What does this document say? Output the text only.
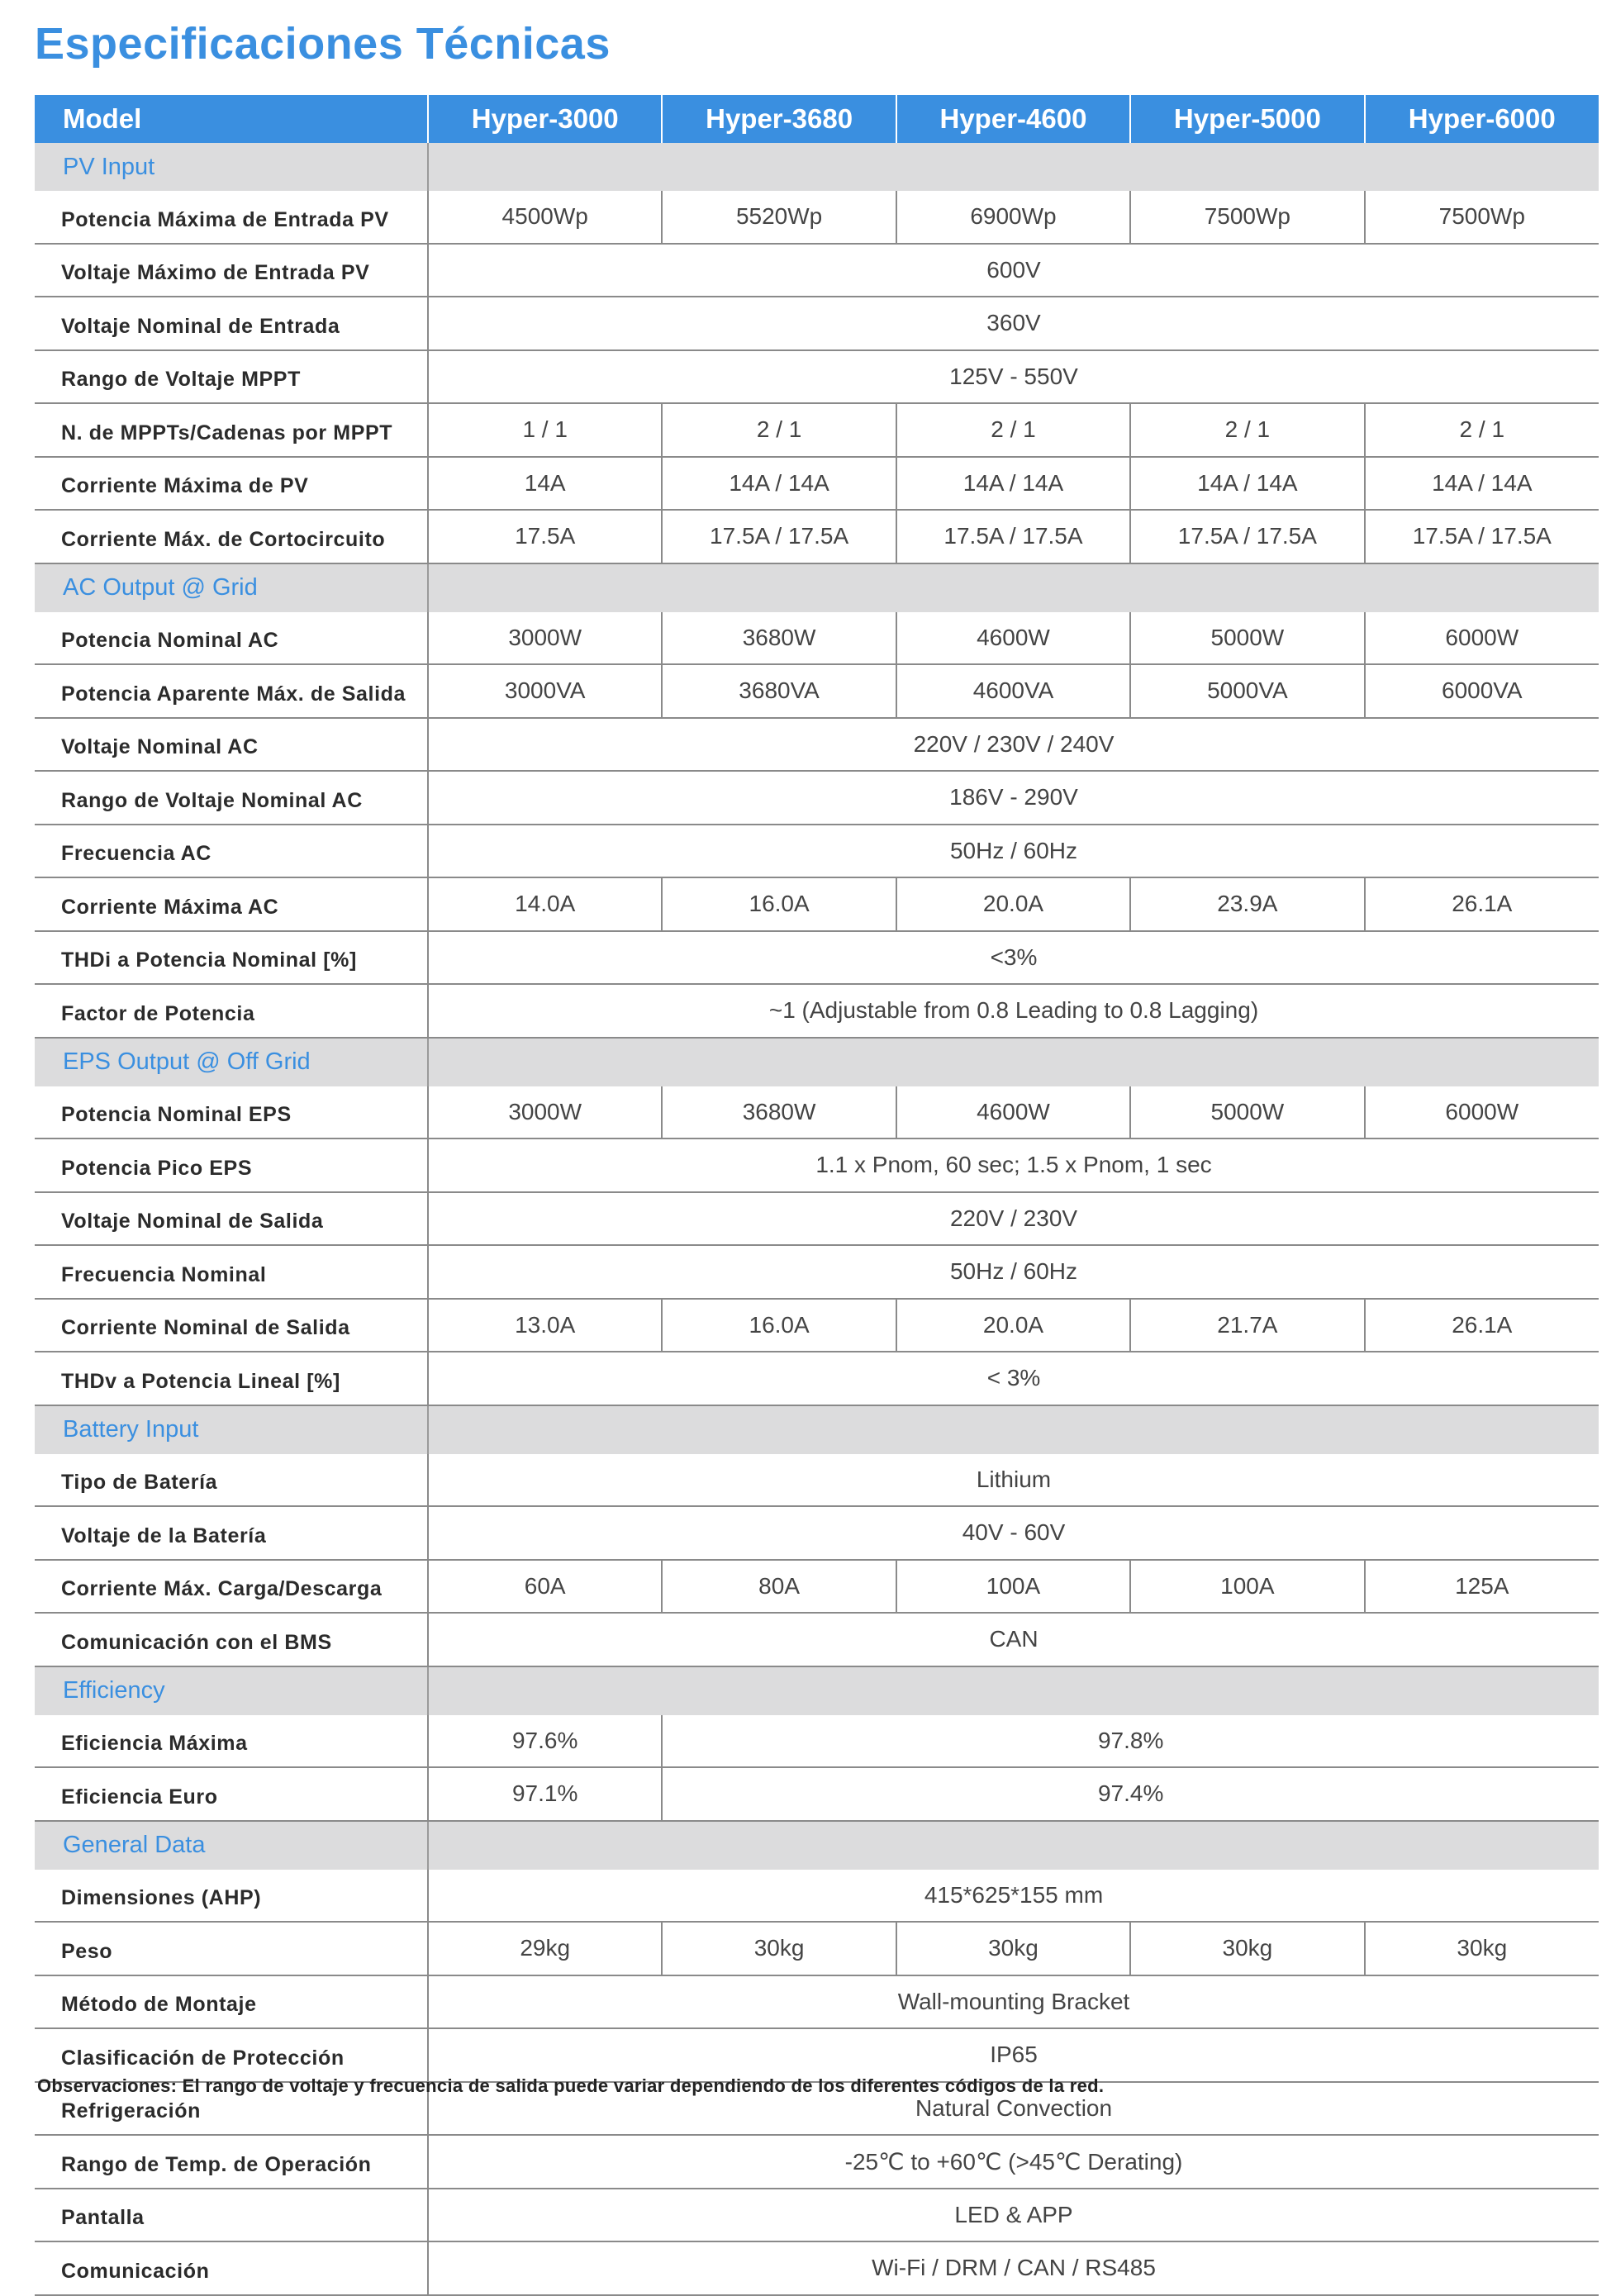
Especificaciones Técnicas
Model	Hyper-3000	Hyper-3680	Hyper-4600	Hyper-5000	Hyper-6000
PV Input					
Potencia Máxima de Entrada PV	4500Wp	5520Wp	6900Wp	7500Wp	7500Wp
Voltaje Máximo de Entrada PV	600V				
Voltaje Nominal de Entrada	360V				
Rango de Voltaje MPPT	125V - 550V				
N. de MPPTs/Cadenas por MPPT	1 / 1	2 / 1	2 / 1	2 / 1	2 / 1
Corriente Máxima de PV	14A	14A / 14A	14A / 14A	14A / 14A	14A / 14A
Corriente Máx. de Cortocircuito	17.5A	17.5A / 17.5A	17.5A / 17.5A	17.5A / 17.5A	17.5A / 17.5A
AC Output @ Grid					
Potencia Nominal AC	3000W	3680W	4600W	5000W	6000W
Potencia Aparente Máx. de Salida	3000VA	3680VA	4600VA	5000VA	6000VA
Voltaje Nominal AC	220V / 230V / 240V				
Rango de Voltaje Nominal AC	186V - 290V				
Frecuencia AC	50Hz / 60Hz				
Corriente Máxima AC	14.0A	16.0A	20.0A	23.9A	26.1A
THDi a Potencia Nominal [%]	<3%				
Factor de Potencia	~1 (Adjustable from 0.8 Leading to 0.8 Lagging)				
EPS Output @ Off Grid					
Potencia Nominal EPS	3000W	3680W	4600W	5000W	6000W
Potencia Pico EPS	1.1 x Pnom, 60 sec; 1.5 x Pnom, 1 sec				
Voltaje Nominal de Salida	220V / 230V				
Frecuencia Nominal	50Hz / 60Hz				
Corriente Nominal de Salida	13.0A	16.0A	20.0A	21.7A	26.1A
THDv a Potencia Lineal [%]	< 3%				
Battery Input					
Tipo de Batería	Lithium				
Voltaje de la Batería	40V - 60V				
Corriente Máx. Carga/Descarga	60A	80A	100A	100A	125A
Comunicación con el BMS	CAN				
Efficiency					
Eficiencia Máxima	97.6%	97.8%			
Eficiencia Euro	97.1%	97.4%			
General Data					
Dimensiones (AHP)	415*625*155 mm				
Peso	29kg	30kg	30kg	30kg	30kg
Método de Montaje	Wall-mounting Bracket				
Clasificación de Protección	IP65				
Refrigeración	Natural Convection				
Rango de Temp. de Operación	-25℃ to +60℃ (>45℃ Derating)				
Pantalla	LED & APP				
Comunicación	Wi-Fi / DRM / CAN / RS485				
Observaciones: El rango de voltaje y frecuencia de salida puede variar dependiendo de los diferentes códigos de la red.
